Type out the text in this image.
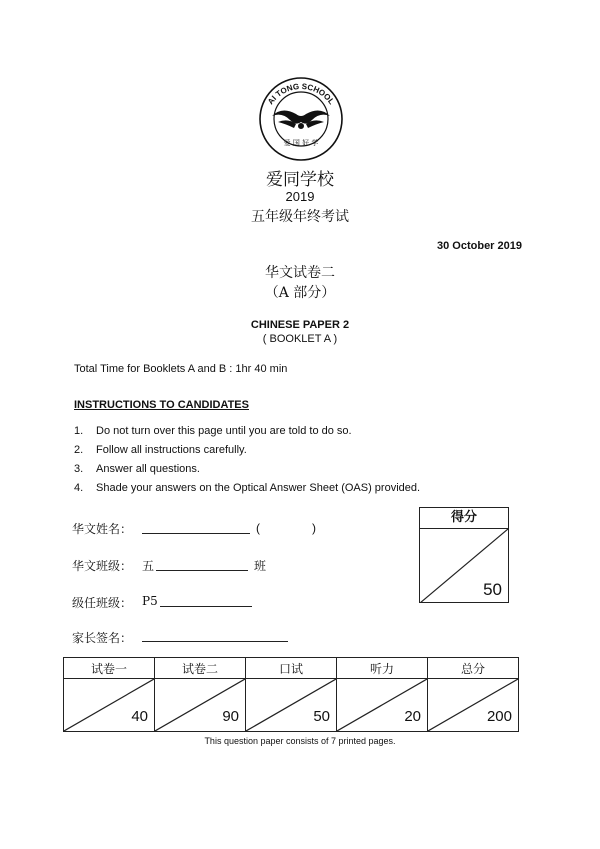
AI TONG SCHOOL
爱 国 好 学
爱同学校
2019
五年级年终考试
30 October 2019
华文试卷二
（A 部分）
CHINESE PAPER 2
( BOOKLET A )
Total Time for Booklets A and B : 1hr 40 min
INSTRUCTIONS TO CANDIDATES
1. Do not turn over this page until you are told to do so.
2. Follow all instructions carefully.
3. Answer all questions.
4. Shade your answers on the Optical Answer Sheet (OAS) provided.
华文姓名：	(	)
华文班级： 五	班
级任班级： P5
家长签名：
得分
50
试卷一	试卷二	口试	听力	总分

40	90	50	20	200
This question paper consists of 7 printed pages.
